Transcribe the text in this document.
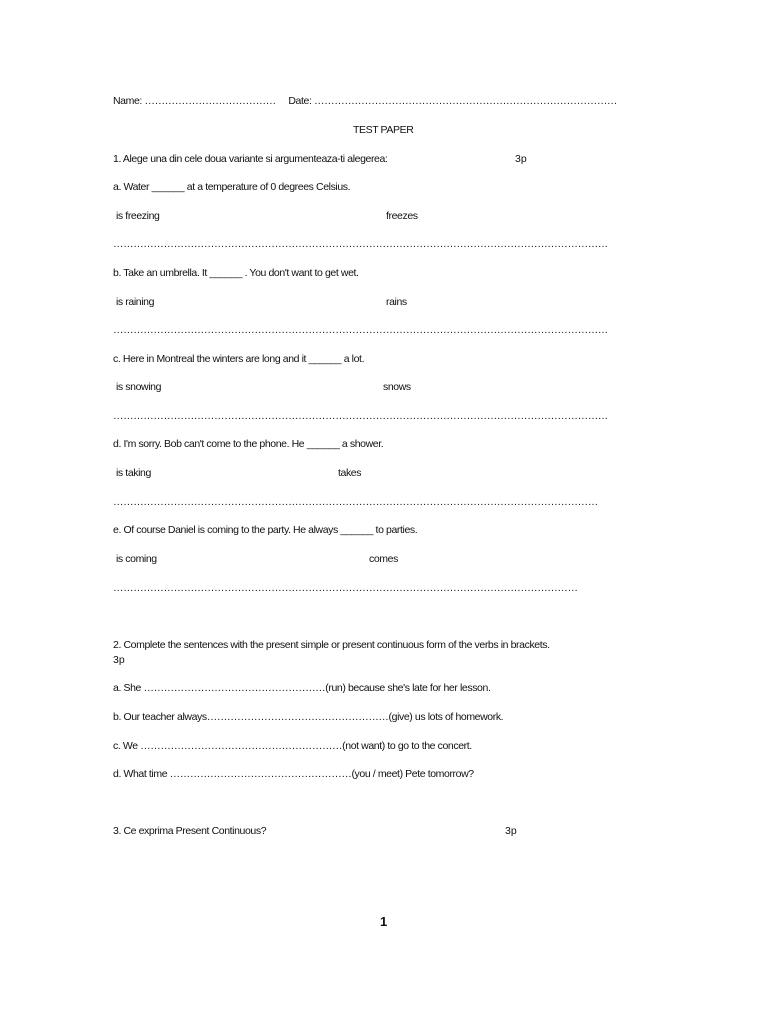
Name: ………………………………… Date: ………………………………………………………………………………
TEST PAPER
1. Alege una din cele doua variante si argumenteaza-ti alegerea:	3p
a. Water ______ at a temperature of 0 degrees Celsius.
is freezing	freezes
…………………………………………………………………………………………………………………………………
b. Take an umbrella. It ______ . You don't want to get wet.
is raining	rains
…………………………………………………………………………………………………………………………………
c. Here in Montreal the winters are long and it ______ a lot.
is snowing	snows
…………………………………………………………………………………………………………………………………
d. I'm sorry. Bob can't come to the phone. He ______ a shower.
is taking	takes
………………………………………………………………………………………………………………………………
e. Of course Daniel is coming to the party. He always ______ to parties.
is coming	comes
…………………………………………………………………………………………………………………………
2. Complete the sentences with the present simple or present continuous form of the verbs in brackets.
3p
a. She ………………………………………………(run) because she's late for her lesson.
b. Our teacher always………………………………………………(give) us lots of homework.
c. We ……………………………………………………(not want) to go to the concert.
d. What time ………………………………………………(you / meet) Pete tomorrow?
3. Ce exprima Present Continuous?	3p
1
